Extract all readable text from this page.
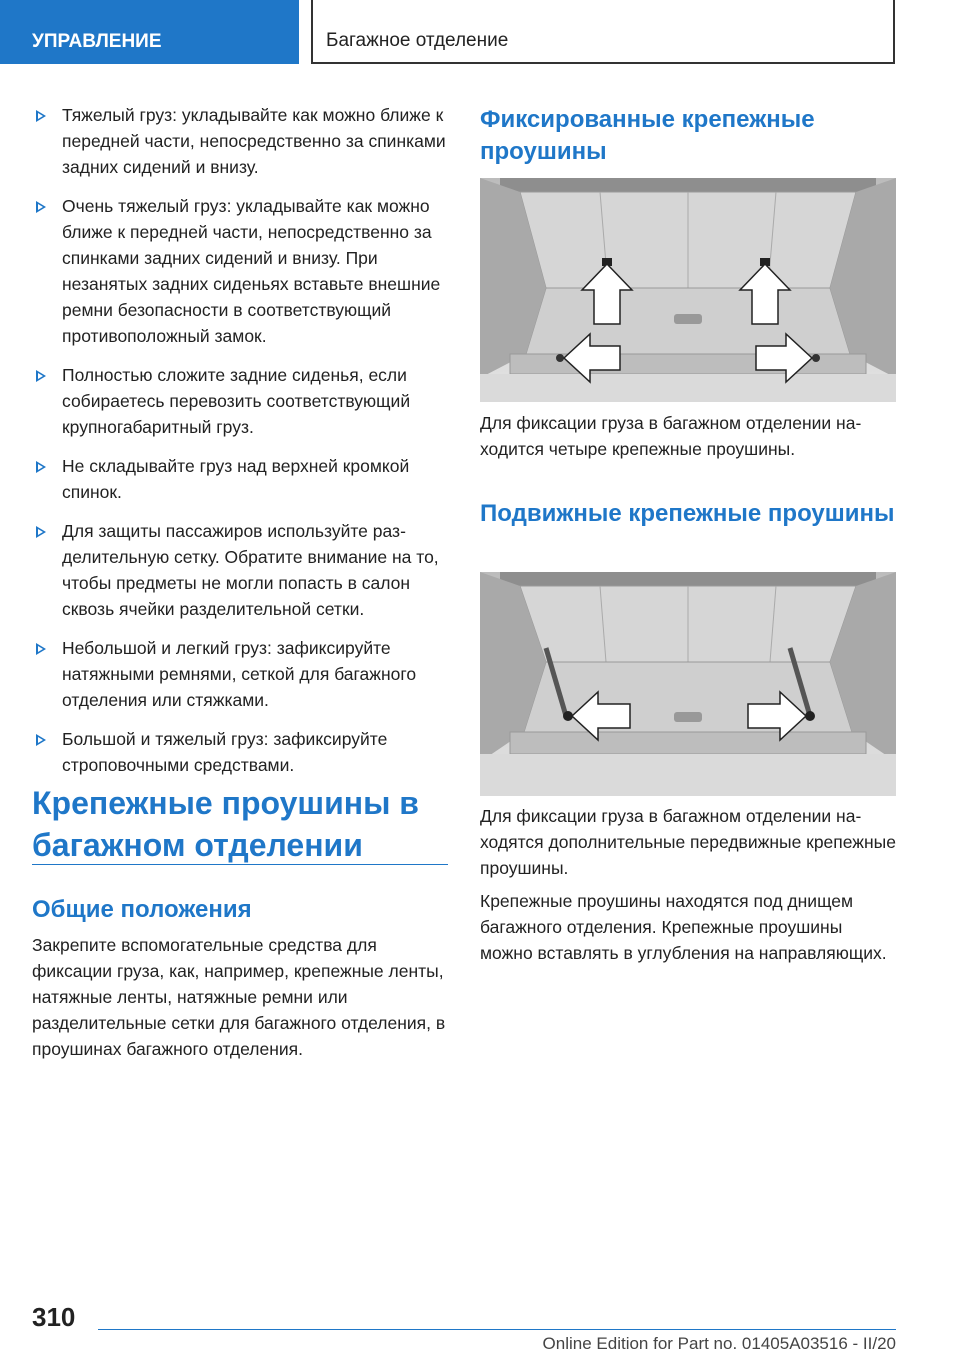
УПРАВЛЕНИЕ	Багажное отделение
Тяжелый груз: укладывайте как можно ближе к передней части, непосредственно за спинками задних сидений и внизу.
Очень тяжелый груз: укладывайте как можно ближе к передней части, непосредственно за спинками задних сидений и внизу. При незанятых задних сиденьях вставьте внешние ремни безопасности в соответствующий противоположный замок.
Полностью сложите задние сиденья, если собираетесь перевозить соответствующий крупногабаритный груз.
Не складывайте груз над верхней кромкой спинок.
Для защиты пассажиров используйте разделительную сетку. Обратите внимание на то, чтобы предметы не могли попасть в салон сквозь ячейки разделительной сетки.
Небольшой и легкий груз: зафиксируйте натяжными ремнями, сеткой для багажного отделения или стяжками.
Большой и тяжелый груз: зафиксируйте строповочными средствами.
Крепежные проушины в багажном отделении
Общие положения

Закрепите вспомогательные средства для фиксации груза, как, например, крепежные ленты, натяжные ленты, натяжные ремни или разделительные сетки для багажного отделения, в проушинах багажного отделения.

Фиксированные крепежные проушины

Для фиксации груза в багажном отделении находится четыре крепежные проушины.

Подвижные крепежные проушины

Для фиксации груза в багажном отделении находятся дополнительные передвижные крепежные проушины.

Крепежные проушины находятся под днищем багажного отделения. Крепежные проушины можно вставлять в углубления на направляющих.

310
Online Edition for Part no. 01405A03516 - II/20
